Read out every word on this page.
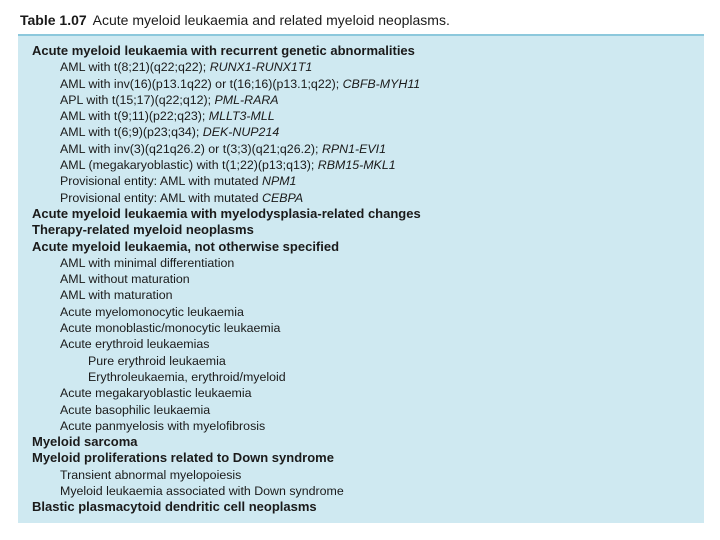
Table 1.07 Acute myeloid leukaemia and related myeloid neoplasms.
Acute myeloid leukaemia with recurrent genetic abnormalities
AML with t(8;21)(q22;q22); RUNX1-RUNX1T1
AML with inv(16)(p13.1q22) or t(16;16)(p13.1;q22); CBFB-MYH11
APL with t(15;17)(q22;q12); PML-RARA
AML with t(9;11)(p22;q23); MLLT3-MLL
AML with t(6;9)(p23;q34); DEK-NUP214
AML with inv(3)(q21q26.2) or t(3;3)(q21;q26.2); RPN1-EVI1
AML (megakaryoblastic) with t(1;22)(p13;q13); RBM15-MKL1
Provisional entity: AML with mutated NPM1
Provisional entity: AML with mutated CEBPA
Acute myeloid leukaemia with myelodysplasia-related changes
Therapy-related myeloid neoplasms
Acute myeloid leukaemia, not otherwise specified
AML with minimal differentiation
AML without maturation
AML with maturation
Acute myelomonocytic leukaemia
Acute monoblastic/monocytic leukaemia
Acute erythroid leukaemias
Pure erythroid leukaemia
Erythroleukaemia, erythroid/myeloid
Acute megakaryoblastic leukaemia
Acute basophilic leukaemia
Acute panmyelosis with myelofibrosis
Myeloid sarcoma
Myeloid proliferations related to Down syndrome
Transient abnormal myelopoiesis
Myeloid leukaemia associated with Down syndrome
Blastic plasmacytoid dendritic cell neoplasms
